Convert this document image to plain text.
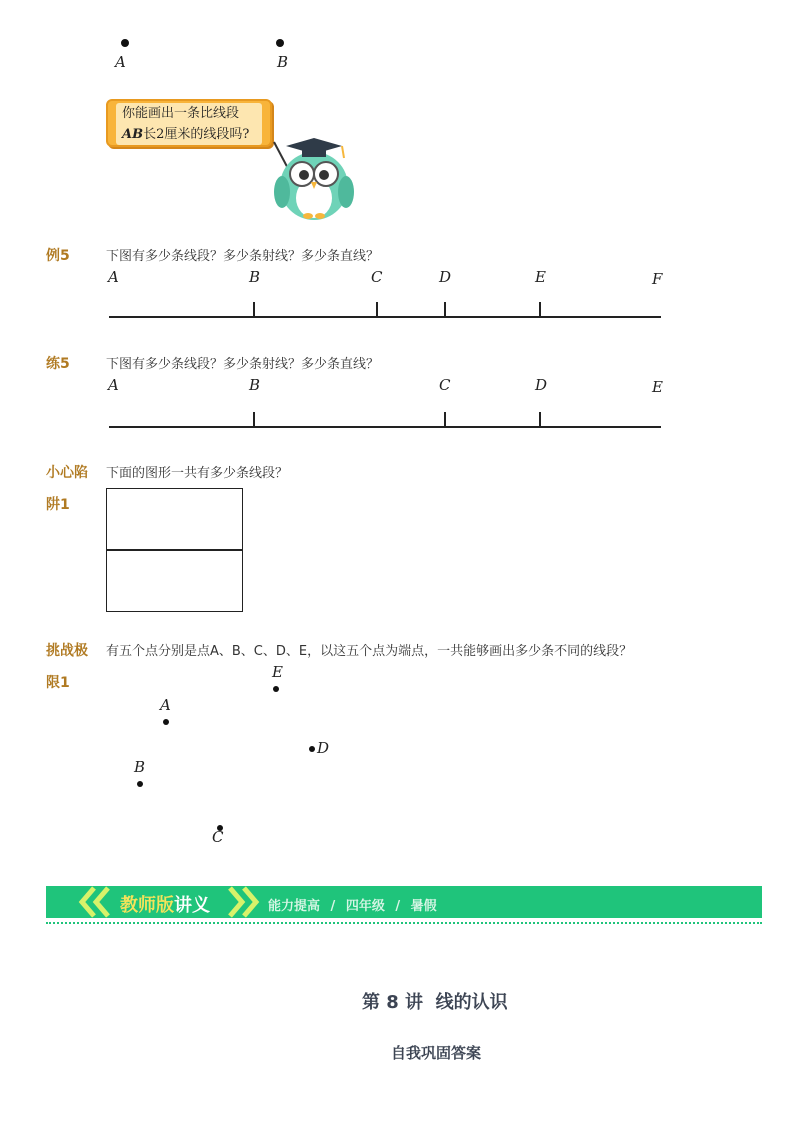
A	B
你能画出一条比线段
AB长2厘米的线段吗?
例5	下图有多少条线段？多少条射线？多少条直线？
A	B	C	D	E	F
练5	下图有多少条线段？多少条射线？多少条直线？
A	B	C	D	E
小心陷
阱1
下面的图形一共有多少条线段？
挑战极
限1
有五个点分别是点A、B、C、D、E，以这五个点为端点，一共能够画出多少条不同的线段？
E
A
D
B
C
教师版讲义	能力提高 / 四年级 / 暑假
第 8 讲  线的认识
自我巩固答案
